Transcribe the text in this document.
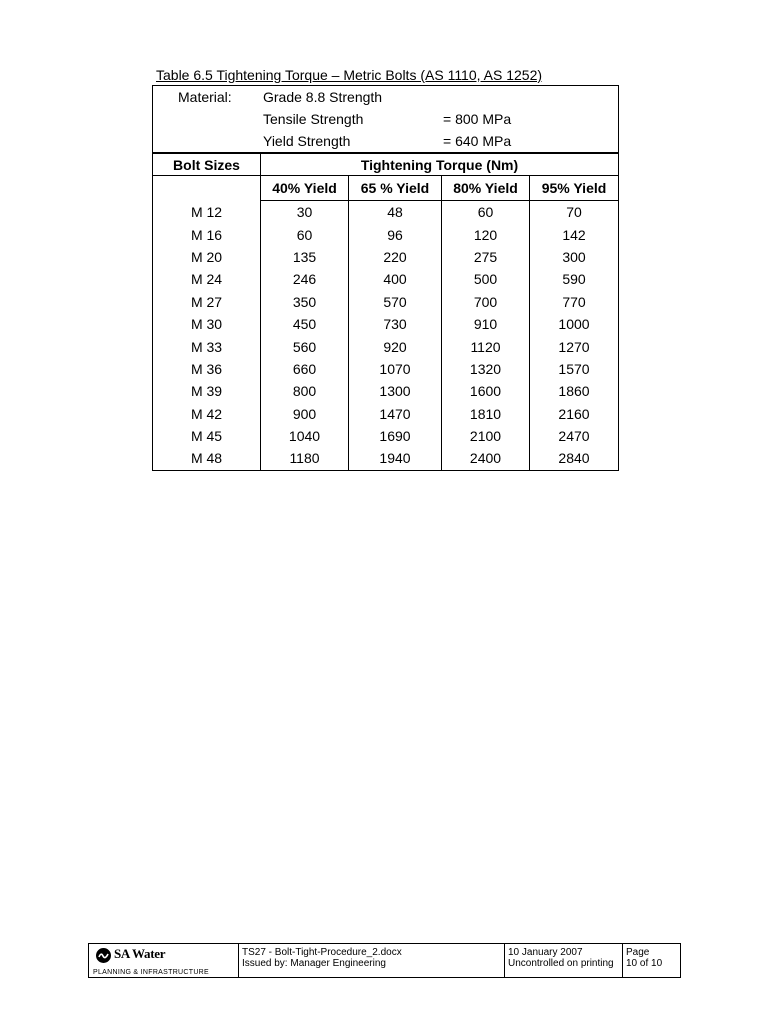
Table 6.5 Tightening Torque – Metric Bolts (AS 1110, AS 1252)
Material: Grade 8.8 Strength				

Tensile Strength = 800 MPa				

Yield Strength = 640 MPa				

Bolt Sizes	Tightening Torque (Nm)			
	40% Yield	65 % Yield	80% Yield	95% Yield
M 12	30	48	60	70
M 16	60	96	120	142
M 20	135	220	275	300
M 24	246	400	500	590
M 27	350	570	700	770
M 30	450	730	910	1000
M 33	560	920	1120	1270
M 36	660	1070	1320	1570
M 39	800	1300	1600	1860
M 42	900	1470	1810	2160
M 45	1040	1690	2100	2470
M 48	1180	1940	2400	2840
SA Water
PLANNING & INFRASTRUCTURE

TS27 - Bolt-Tight-Procedure_2.docx
Issued by: Manager Engineering

10 January 2007
Uncontrolled on printing

Page
10 of 10
